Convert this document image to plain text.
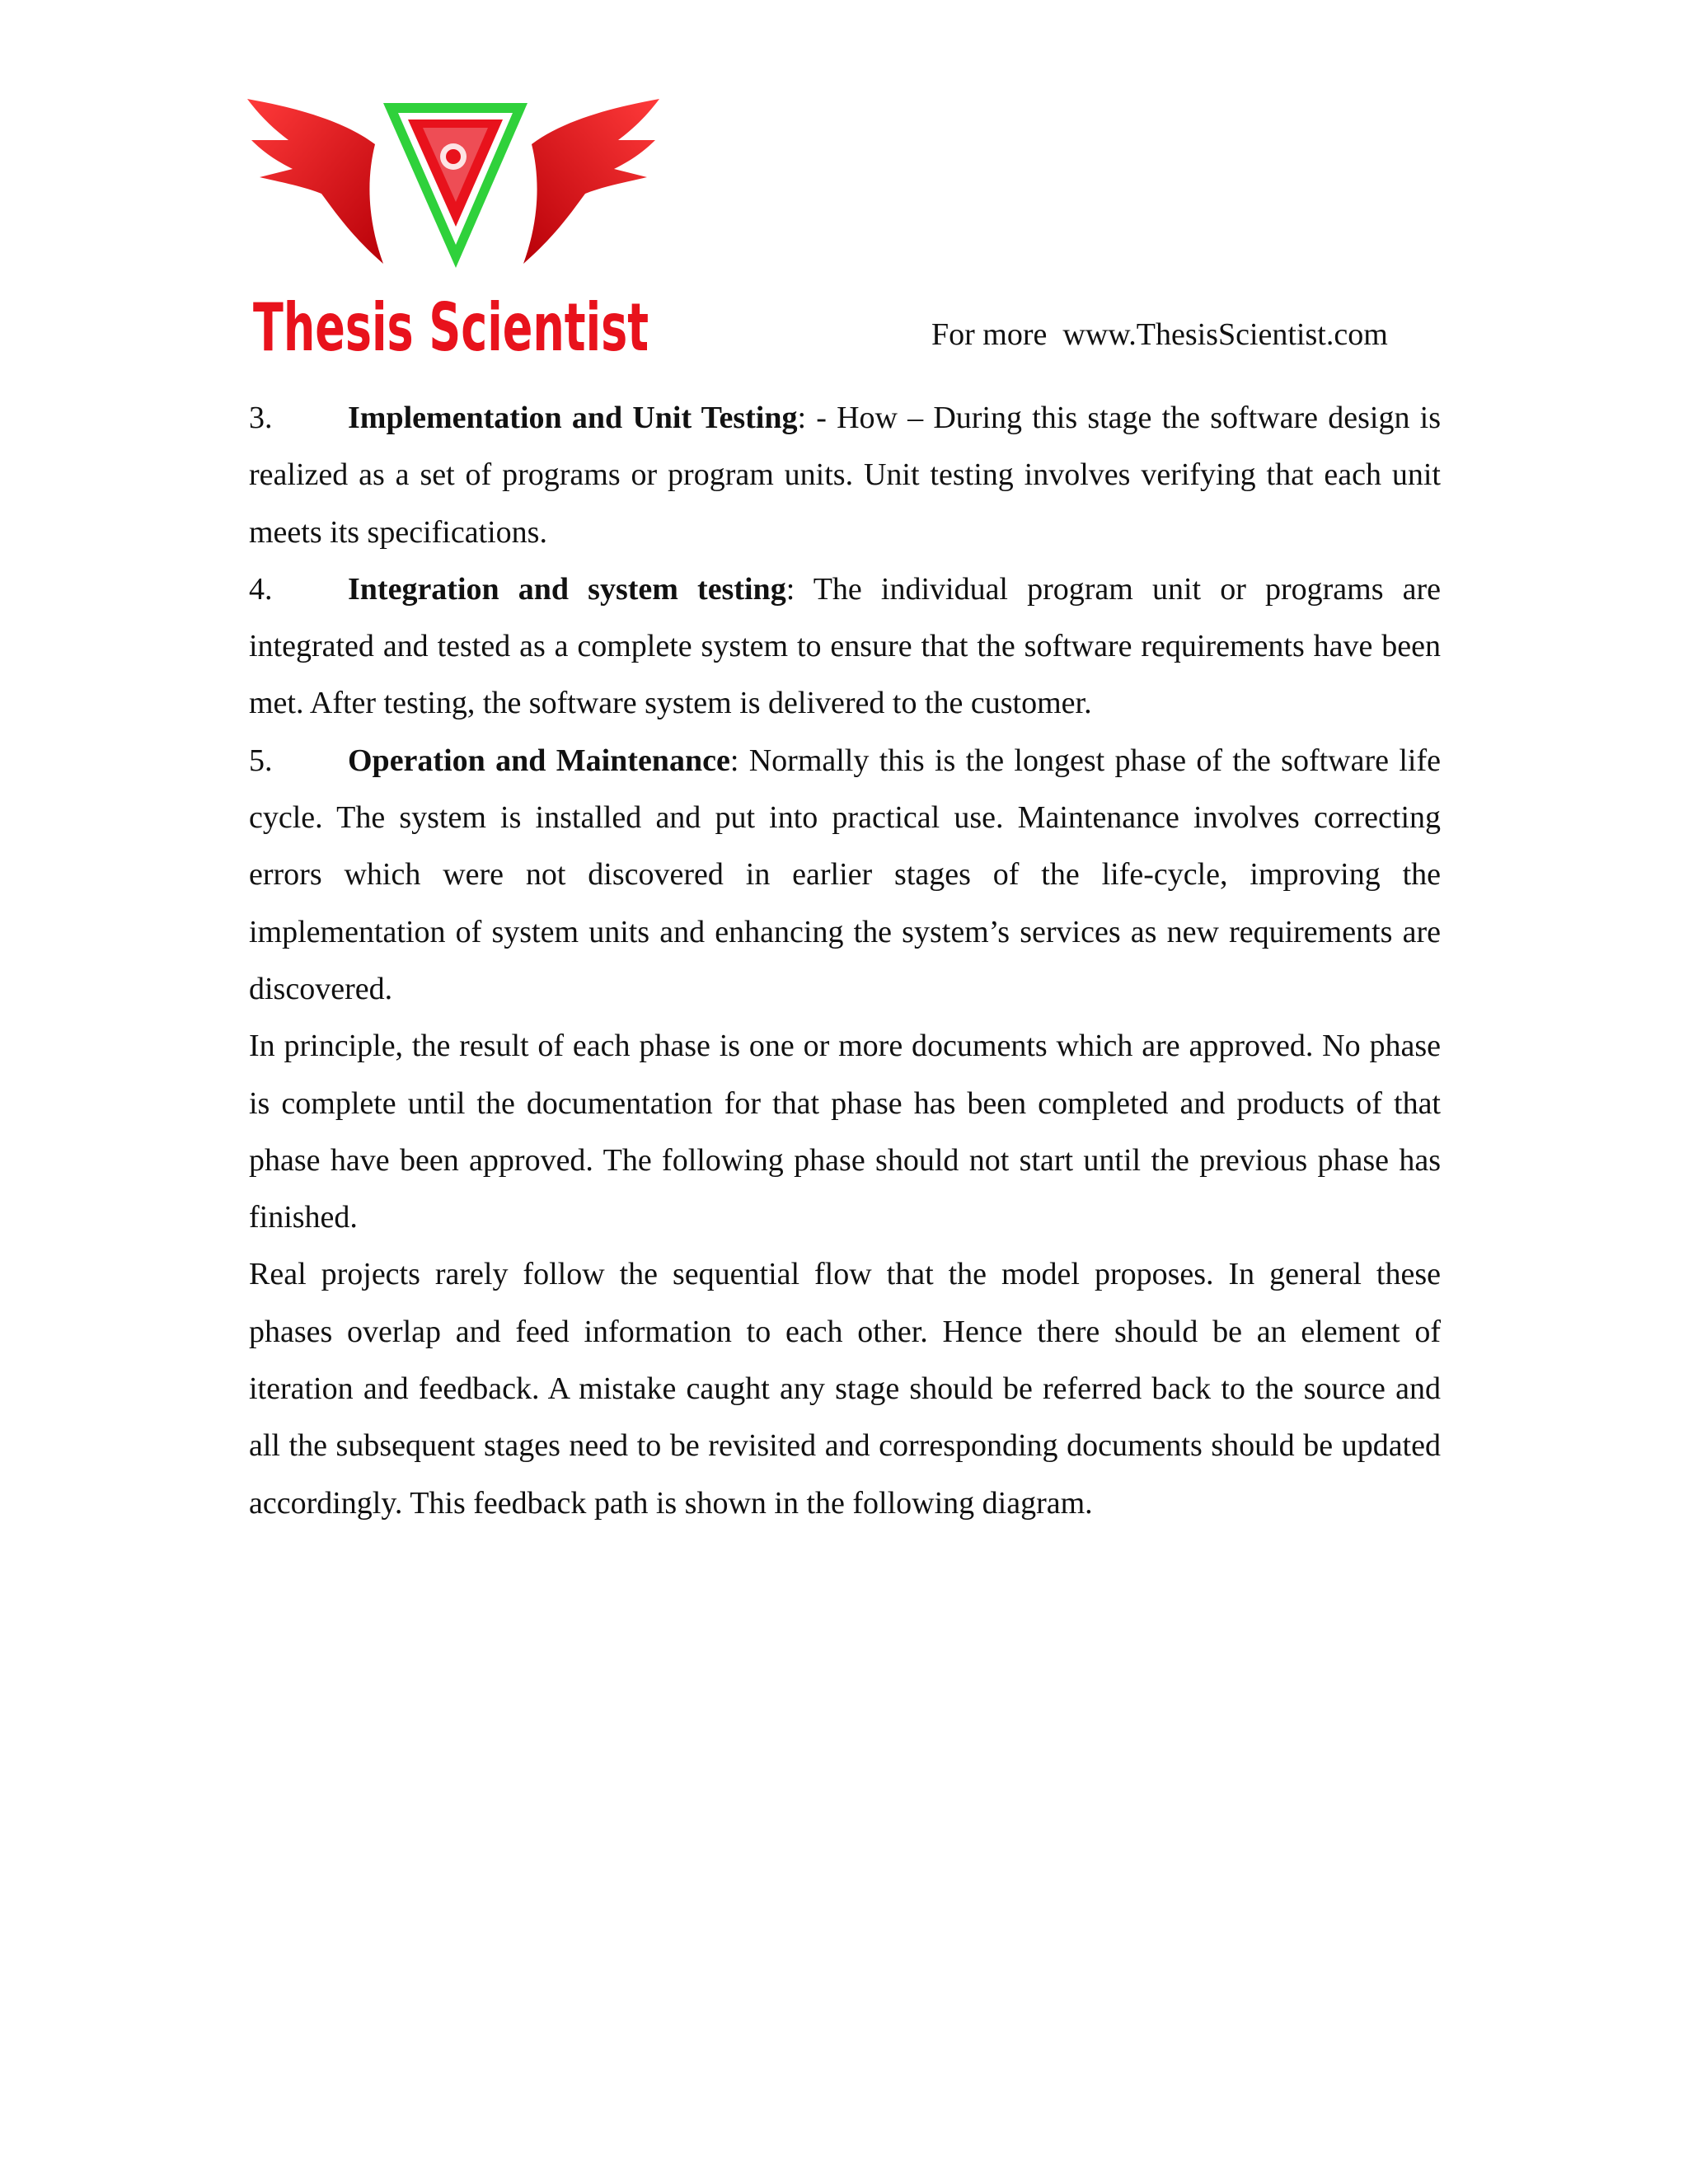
Thesis Scientist	For more www.ThesisScientist.com

3. Implementation and Unit Testing: - How – During this stage the software design is realized as a set of programs or program units. Unit testing involves verifying that each unit meets its specifications.

4. Integration and system testing: The individual program unit or programs are integrated and tested as a complete system to ensure that the software requirements have been met. After testing, the software system is delivered to the customer.

5. Operation and Maintenance: Normally this is the longest phase of the software life cycle. The system is installed and put into practical use. Maintenance involves correcting errors which were not discovered in earlier stages of the life-cycle, improving the implementation of system units and enhancing the system’s services as new requirements are discovered.

In principle, the result of each phase is one or more documents which are approved. No phase is complete until the documentation for that phase has been completed and products of that phase have been approved. The following phase should not start until the previous phase has finished.

Real projects rarely follow the sequential flow that the model proposes. In general these phases overlap and feed information to each other. Hence there should be an element of iteration and feedback. A mistake caught any stage should be referred back to the source and all the subsequent stages need to be revisited and corresponding documents should be updated accordingly. This feedback path is shown in the following diagram.
